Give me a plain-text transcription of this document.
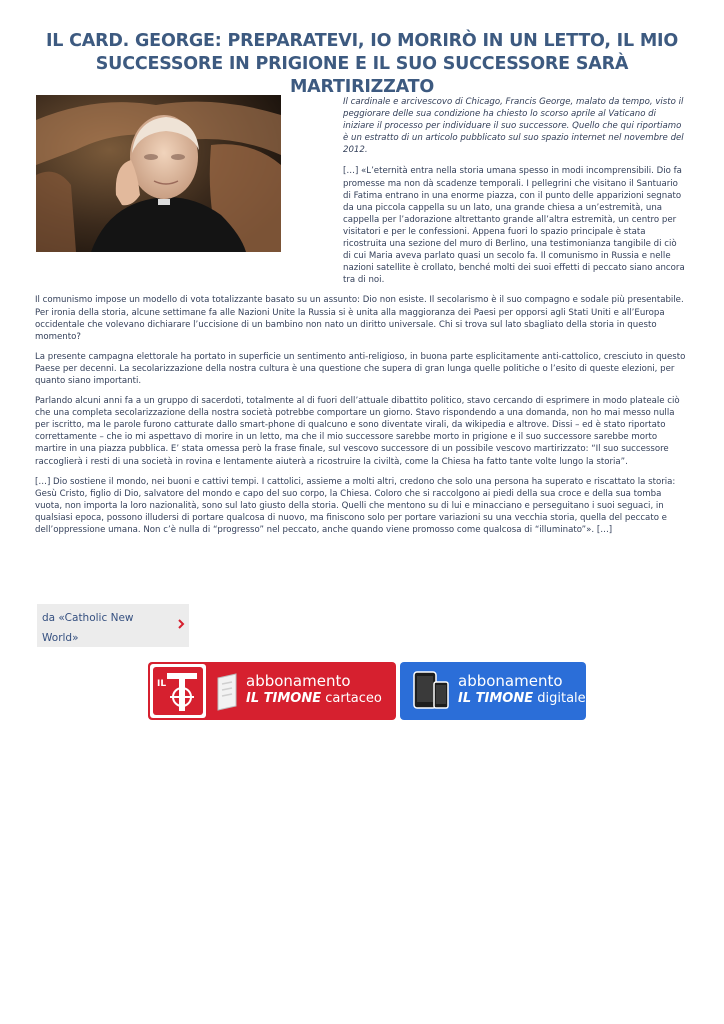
IL CARD. GEORGE: PREPARATEVI, IO MORIRÒ IN UN LETTO, IL MIO SUCCESSORE IN PRIGIONE E IL SUO SUCCESSORE SARÀ MARTIRIZZATO

Il cardinale e arcivescovo di Chicago, Francis George, malato da tempo, visto il peggiorare delle sua condizione ha chiesto lo scorso aprile al Vaticano di iniziare il processo per individuare il suo successore. Quello che qui riportiamo è un estratto di un articolo pubblicato sul suo spazio internet nel novembre del 2012.

[…] «L’eternità entra nella storia umana spesso in modi incomprensibili. Dio fa promesse ma non dà scadenze temporali. I pellegrini che visitano il Santuario di Fatima entrano in una enorme piazza, con il punto delle apparizioni segnato da una piccola cappella su un lato, una grande chiesa a un’estremità, una cappella per l’adorazione altrettanto grande all’altra estremità, un centro per visitatori e per le confessioni. Appena fuori lo spazio principale è stata ricostruita una sezione del muro di Berlino, una testimonianza tangibile di ciò di cui Maria aveva parlato quasi un secolo fa. Il comunismo in Russia e nelle nazioni satellite è crollato, benché molti dei suoi effetti di peccato siano ancora tra di noi.

Il comunismo impose un modello di vota totalizzante basato su un assunto: Dio non esiste. Il secolarismo è il suo compagno e sodale più presentabile. Per ironia della storia, alcune settimane fa alle Nazioni Unite la Russia si è unita alla maggioranza dei Paesi per opporsi agli Stati Uniti e all’Europa occidentale che volevano dichiarare l’uccisione di un bambino non nato un diritto universale. Chi si trova sul lato sbagliato della storia in questo momento?

La presente campagna elettorale ha portato in superficie un sentimento anti-religioso, in buona parte esplicitamente anti-cattolico, cresciuto in questo Paese per decenni. La secolarizzazione della nostra cultura è una questione che supera di gran lunga quelle politiche o l’esito di queste elezioni, per quanto siano importanti.

Parlando alcuni anni fa a un gruppo di sacerdoti, totalmente al di fuori dell’attuale dibattito politico, stavo cercando di esprimere in modo plateale ciò che una completa secolarizzazione della nostra società potrebbe comportare un giorno. Stavo rispondendo a una domanda, non ho mai messo nulla per iscritto, ma le parole furono catturate dallo smart-phone di qualcuno e sono diventate virali, da wikipedia e altrove. Dissi – ed è stato riportato correttamente – che io mi aspettavo di morire in un letto, ma che il mio successore sarebbe morto in prigione e il suo successore sarebbe morto martire in una piazza pubblica. E’ stata omessa però la frase finale, sul vescovo successore di un possibile vescovo martirizzato: “Il suo successore raccoglierà i resti di una società in rovina e lentamente aiuterà a ricostruire la civiltà, come la Chiesa ha fatto tante volte lungo la storia”.

[…] Dio sostiene il mondo, nei buoni e cattivi tempi. I cattolici, assieme a molti altri, credono che solo una persona ha superato e riscattato la storia: Gesù Cristo, figlio di Dio, salvatore del mondo e capo del suo corpo, la Chiesa. Coloro che si raccolgono ai piedi della sua croce e della sua tomba vuota, non importa la loro nazionalità, sono sul lato giusto della storia. Quelli che mentono su di lui e minacciano e perseguitano i suoi seguaci, in qualsiasi epoca, possono illudersi di portare qualcosa di nuovo, ma finiscono solo per portare variazioni su una vecchia storia, quella del peccato e dell’oppressione umana. Non c’è nulla di “progresso” nel peccato, anche quando viene promosso come qualcosa di “illuminato”». […]

da «Catholic New World»
IL	abbonamento
IL TIMONE cartaceo
abbonamento
IL TIMONE digitale
